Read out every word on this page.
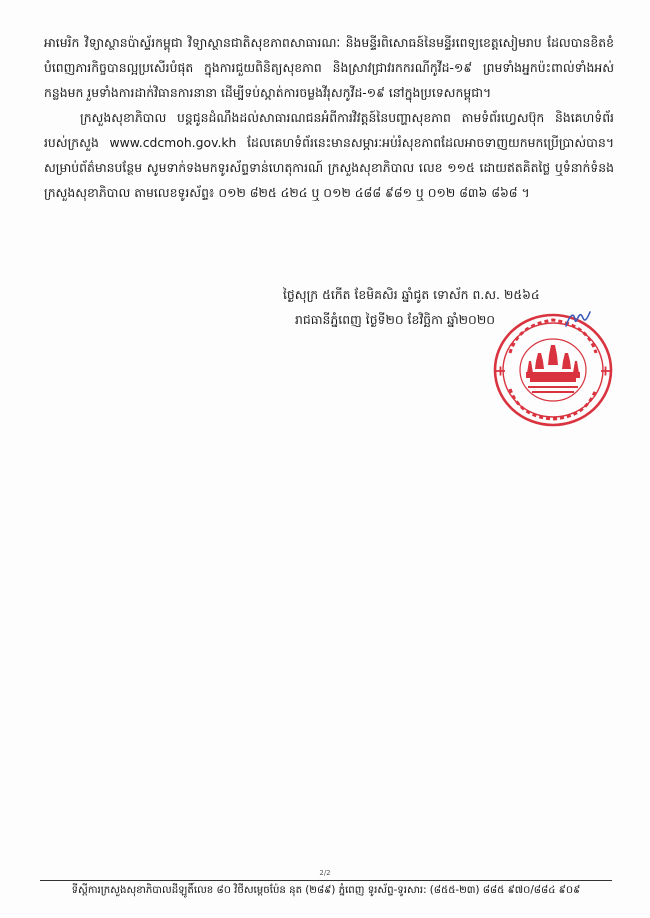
អាមេរិក វិទ្យាស្ថានប៉ាស្ទ័រកម្ពុជា វិទ្យាស្ថានជាតិសុខភាពសាធារណៈ និងមន្ទីរពិសោធន៍នៃមន្ទីរពេទ្យខេត្តសៀមរាប ដែលបានខិតខំបំពេញភារកិច្ចបានល្អប្រសើរបំផុត ក្នុងការជួយពិនិត្យសុខភាព និងស្រាវជ្រាវរកករណីកូវីដ-១៩ ព្រមទាំងអ្នកប៉ះពាល់ទាំងអស់កន្លងមក រួមទាំងការដាក់វិធានការនានា ដើម្បីទប់ស្កាត់ការចម្លងវីរុសកូវីដ-១៩ នៅក្នុងប្រទេសកម្ពុជា។

ក្រសួងសុខាភិបាល បន្តជូនដំណឹងដល់សាធារណជនអំពីការវិវត្តន៍នៃបញ្ហាសុខភាព តាមទំព័រហ្វេសប៊ុក និងគេហទំព័ររបស់ក្រសួង www.cdcmoh.gov.kh ដែលគេហទំព័រនេះមានសម្ភារៈអប់រំសុខភាពដែលអាចទាញយកមកប្រើប្រាស់បាន។ សម្រាប់ព័ត៌មានបន្ថែម សូមទាក់ទងមកទូរស័ព្ទទាន់ហេតុការណ៍ ក្រសួងសុខាភិបាល លេខ ១១៥ ដោយឥតគិតថ្លៃ ឬទំនាក់ទំនងក្រសួងសុខាភិបាល តាមលេខទូរស័ព្ទ៖ ០១២ ៨២៥ ៤២៤ ឬ ០១២ ៤៨៨ ៩៨១ ឬ ០១២ ៨៣៦ ៨៦៨ ។

ថ្ងៃសុក្រ ៥កើត ខែមិគសិរ ឆ្នាំជូត ទោស័ក ព.ស. ២៥៦៤
រាជធានីភ្នំពេញ ថ្ងៃទី២០ ខែវិច្ឆិកា ឆ្នាំ២០២០
2/2
ទីស្តីការក្រសួងសុខាភិបាលដីឡូតិ៍លេខ ៨០ វិថីសម្តេចប៉ែន នុត (២៨៩) ភ្នំពេញ ទូរស័ព្ទ-ទូរសារ: (៨៥៥-២៣) ៨៨៥ ៩៧០/៨៨៤ ៩០៩
